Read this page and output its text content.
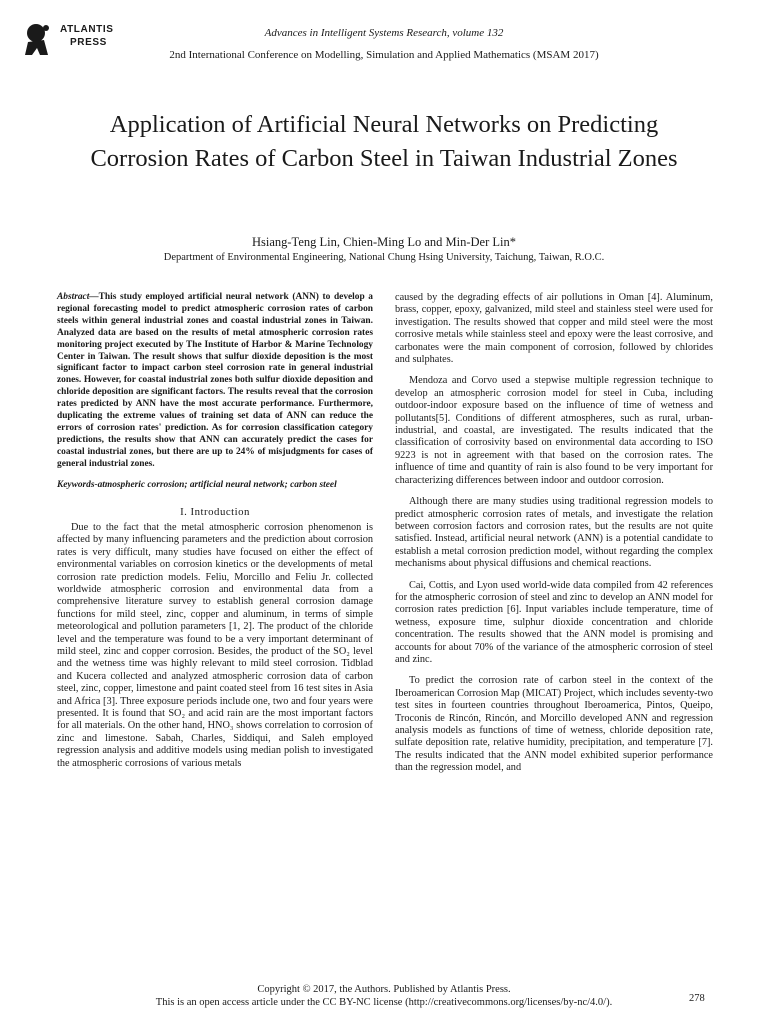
ATLANTIS
PRESS
Advances in Intelligent Systems Research, volume 132
2nd International Conference on Modelling, Simulation and Applied Mathematics (MSAM 2017)
Application of Artificial Neural Networks on Predicting Corrosion Rates of Carbon Steel in Taiwan Industrial Zones
Hsiang-Teng Lin, Chien-Ming Lo and Min-Der Lin*
Department of Environmental Engineering, National Chung Hsing University, Taichung, Taiwan, R.O.C.

Abstract—This study employed artificial neural network (ANN) to develop a regional forecasting model to predict atmospheric corrosion rates of carbon steels within general industrial zones and coastal industrial zones in Taiwan. Analyzed data are based on the results of metal atmospheric corrosion rates monitoring project executed by The Institute of Harbor & Marine Technology Center in Taiwan. The result shows that sulfur dioxide deposition is the most significant factor to impact carbon steel corrosion rate in general industrial zones. However, for coastal industrial zones both sulfur dioxide deposition and chloride deposition are significant factors. The results reveal that the corrosion rates predicted by ANN have the most accurate performance. Furthermore, duplicating the extreme values of training set data of ANN can reduce the errors of corrosion rates' prediction. As for corrosion classification category predictions, the results show that ANN can accurately predict the cases for coastal industrial zones, but there are up to 24% of misjudgments for cases of general industrial zones.

Keywords-atmospheric corrosion; artificial neural network; carbon steel

I. Introduction

Due to the fact that the metal atmospheric corrosion phenomenon is affected by many influencing parameters and the prediction about corrosion rates is very difficult, many studies have focused on either the effect of environmental variables on corrosion kinetics or the developments of metal corrosion rate prediction models. Feliu, Morcillo and Feliu Jr. collected worldwide atmospheric corrosion and environmental data from a comprehensive literature survey to establish general corrosion damage functions for mild steel, zinc, copper and aluminum, in terms of simple meteorological and pollution parameters [1, 2]. The product of the chloride level and the temperature was found to be a very important determinant of mild steel, zinc and copper corrosion. Besides, the product of the SO₂ level and the wetness time was highly relevant to mild steel corrosion. Tidblad and Kucera collected and analyzed atmospheric corrosion data of carbon steel, zinc, copper, limestone and paint coated steel from 16 test sites in Asia and Africa [3]. Three exposure periods include one, two and four years were presented. It is found that SO₂ and acid rain are the most important factors for all materials. On the other hand, HNO₃ shows correlation to corrosion of zinc and limestone. Sabah, Charles, Siddiqui, and Saleh employed regression analysis and additive models using median polish to investigated the atmospheric corrosions of various metals

caused by the degrading effects of air pollutions in Oman [4]. Aluminum, brass, copper, epoxy, galvanized, mild steel and stainless steel were used for investigation. The results showed that copper and mild steel were the most corrosive metals while stainless steel and epoxy were the least corrosive, and carbonates were the main component of corrosion, followed by chlorides and sulphates.

Mendoza and Corvo used a stepwise multiple regression technique to develop an atmospheric corrosion model for steel in Cuba, including outdoor-indoor exposure based on the influence of time of wetness and pollutants[5]. Conditions of different atmospheres, such as rural, urban-industrial, and coastal, are investigated. The results indicated that the classification of corrosivity based on environmental data according to ISO 9223 is not in agreement with that based on the corrosion rates. The influence of time and quantity of rain is also found to be very important for characterizing differences between indoor and outdoor corrosion.

Although there are many studies using traditional regression models to predict atmospheric corrosion rates of metals, and investigate the relation between corrosion factors and corrosion rates, but the results are not quite satisfied. Instead, artificial neural network (ANN) is a potential candidate to establish a metal corrosion prediction model, without regarding the complex mechanisms about physical diffusions and chemical reactions.

Cai, Cottis, and Lyon used world-wide data compiled from 42 references for the atmospheric corrosion of steel and zinc to develop an ANN model for corrosion rates prediction [6]. Input variables include temperature, time of wetness, exposure time, sulphur dioxide concentration and chloride concentration. The results showed that the ANN model is promising and accounts for about 70% of the variance of the atmospheric corrosion of steel and zinc.

To predict the corrosion rate of carbon steel in the context of the Iberoamerican Corrosion Map (MICAT) Project, which includes seventy-two test sites in fourteen countries throughout Iberoamerica, Pintos, Queipo, Troconis de Rincón, Rincón, and Morcillo developed ANN and regression analysis models as functions of time of wetness, chloride deposition rate, sulfate deposition rate, relative humidity, precipitation, and temperature [7]. The results indicated that the ANN model exhibited superior performance than the regression model, and

Copyright © 2017, the Authors. Published by Atlantis Press.
This is an open access article under the CC BY-NC license (http://creativecommons.org/licenses/by-nc/4.0/).	278
